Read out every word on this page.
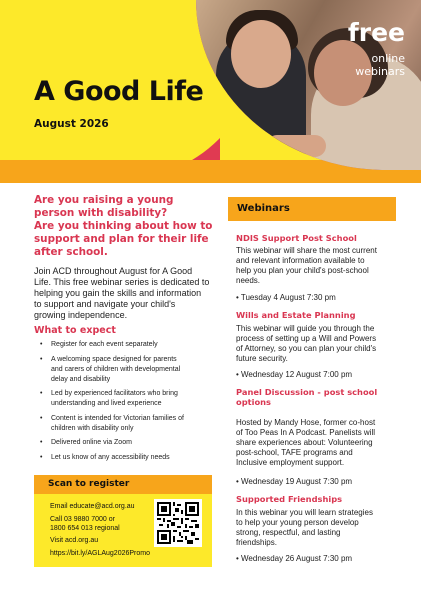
free
online
webinars
A Good Life
August 2026
Are you raising a young
person with disability?
Are you thinking about how to
support and plan for their life
after school.
Join ACD throughout August for A Good
Life. This free webinar series is dedicated to
helping you gain the skills and information
to support and navigate your child's
growing independence.
What to expect
• Register for each event separately
• A welcoming space designed for parents
and carers of children with developmental
delay and disability
• Led by experienced facilitators who bring
understanding and lived experience
• Content is intended for Victorian families of
children with disability only
• Delivered online via Zoom
• Let us know of any accessibility needs
Scan to register
Email educate@acd.org.au
Call 03 9880 7000 or
1800 654 013 regional
Visit acd.org.au
https://bit.ly/AGLAug2026Promo
Webinars
NDIS Support Post School
This webinar will share the most current
and relevant information available to
help you plan your child's post-school
needs.
• Tuesday 4 August 7:30 pm
Wills and Estate Planning
This webinar will guide you through the
process of setting up a Will and Powers
of Attorney, so you can plan your child's
future security.
• Wednesday 12 August 7:00 pm
Panel Discussion - post school
options
Hosted by Mandy Hose, former co-host
of Too Peas In A Podcast. Panelists will
share experiences about: Volunteering
post-school, TAFE programs and
Inclusive employment support.
• Wednesday 19 August 7:30 pm
Supported Friendships
In this webinar you will learn strategies
to help your young person develop
strong, respectful, and lasting
friendships.
• Wednesday 26 August 7:30 pm
